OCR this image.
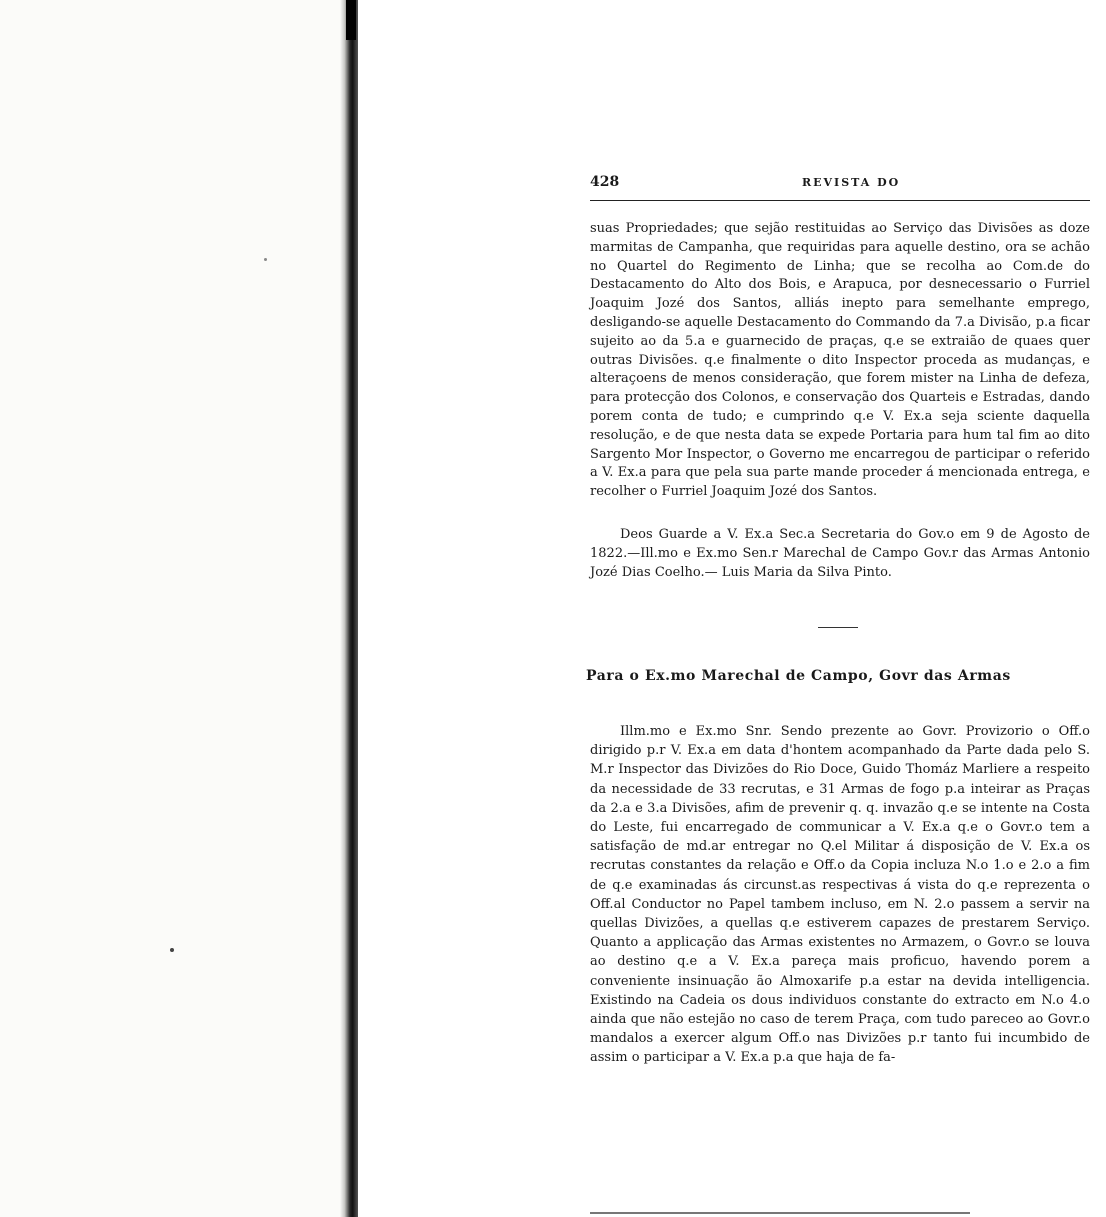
428	REVISTA DO

suas Propriedades; que sejão restituidas ao Serviço das Divisões as doze marmitas de Campanha, que requiridas para aquelle destino, ora se achão no Quartel do Regimento de Linha; que se recolha ao Com.de do Destacamento do Alto dos Bois, e Arapuca, por desnecessario o Furriel Joaquim Jozé dos Santos, alliás inepto para semelhante emprego, desligando-se aquelle Destacamento do Commando da 7.a Divisão, p.a ficar sujeito ao da 5.a e guarnecido de praças, q.e se extraião de quaes quer outras Divisões. q.e finalmente o dito Inspector proceda as mudanças, e alteraçoens de menos consideração, que forem mister na Linha de defeza, para protecção dos Colonos, e conservação dos Quarteis e Estradas, dando porem conta de tudo; e cumprindo q.e V. Ex.a seja sciente daquella resolução, e de que nesta data se expede Portaria para hum tal fim ao dito Sargento Mor Inspector, o Governo me encarregou de participar o referido a V. Ex.a para que pela sua parte mande proceder á mencionada entrega, e recolher o Furriel Joaquim Jozé dos Santos.

Deos Guarde a V. Ex.a Sec.a Secretaria do Gov.o em 9 de Agosto de 1822.—Ill.mo e Ex.mo Sen.r Marechal de Campo Gov.r das Armas Antonio Jozé Dias Coelho.— Luis Maria da Silva Pinto.

Para o Ex.mo Marechal de Campo, Govr das Armas

Illm.mo e Ex.mo Snr. Sendo prezente ao Govr. Provizorio o Off.o dirigido p.r V. Ex.a em data d'hontem acompanhado da Parte dada pelo S. M.r Inspector das Divizões do Rio Doce, Guido Thomáz Marliere a respeito da necessidade de 33 recrutas, e 31 Armas de fogo p.a inteirar as Praças da 2.a e 3.a Divisões, afim de prevenir q. q. invazão q.e se intente na Costa do Leste, fui encarregado de communicar a V. Ex.a q.e o Govr.o tem a satisfação de md.ar entregar no Q.el Militar á disposição de V. Ex.a os recrutas constantes da relação e Off.o da Copia incluza N.o 1.o e 2.o a fim de q.e examinadas ás circunst.as respectivas á vista do q.e reprezenta o Off.al Conductor no Papel tambem incluso, em N. 2.o passem a servir na quellas Divizões, a quellas q.e estiverem capazes de prestarem Serviço. Quanto a applicação das Armas existentes no Armazem, o Govr.o se louva ao destino q.e a V. Ex.a pareça mais proficuo, havendo porem a conveniente insinuação ão Almoxarife p.a estar na devida intelligencia. Existindo na Cadeia os dous individuos constante do extracto em N.o 4.o ainda que não estejão no caso de terem Praça, com tudo pareceo ao Govr.o mandalos a exercer algum Off.o nas Divizões p.r tanto fui incumbido de assim o participar a V. Ex.a p.a que haja de fa-
